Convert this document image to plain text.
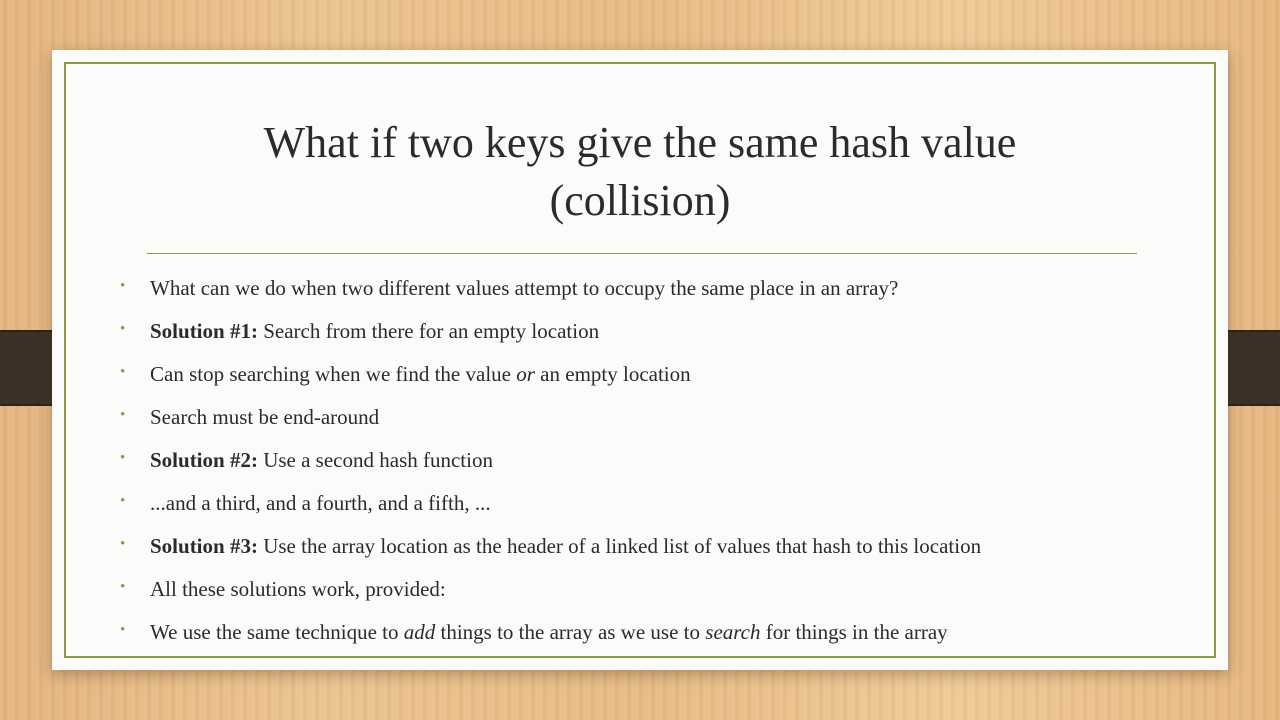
What if two keys give the same hash value
(collision)
• What can we do when two different values attempt to occupy the same place in an array?
• Solution #1: Search from there for an empty location
• Can stop searching when we find the value or an empty location
• Search must be end-around
• Solution #2: Use a second hash function
• ...and a third, and a fourth, and a fifth, ...
• Solution #3: Use the array location as the header of a linked list of values that hash to this location
• All these solutions work, provided:
• We use the same technique to add things to the array as we use to search for things in the array
